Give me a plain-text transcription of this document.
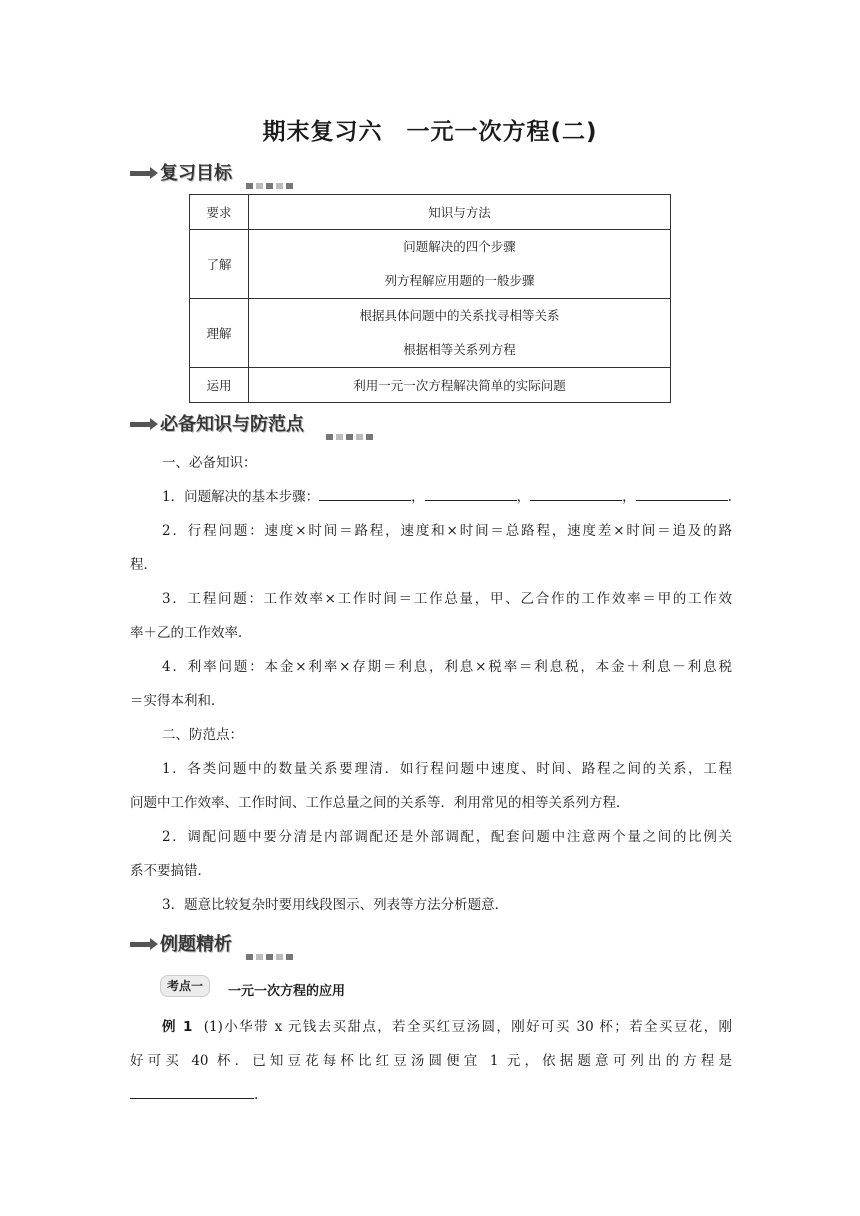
期末复习六　一元一次方程(二)
复习目标
要求	知识与方法
了解	问题解决的四个步骤
列方程解应用题的一般步骤

理解	根据具体问题中的关系找寻相等关系
根据相等关系列方程

运用	利用一元一次方程解决简单的实际问题
必备知识与防范点
一、必备知识：
1．问题解决的基本步骤：	，	，	，	.
2．行程问题：速度×时间＝路程，速度和×时间＝总路程，速度差×时间＝追及的路
程．
3．工程问题：工作效率×工作时间＝工作总量，甲、乙合作的工作效率＝甲的工作效
率＋乙的工作效率．
4．利率问题：本金×利率×存期＝利息，利息×税率＝利息税，本金＋利息－利息税
＝实得本利和．
二、防范点：
1．各类问题中的数量关系要理清．如行程问题中速度、时间、路程之间的关系，工程
问题中工作效率、工作时间、工作总量之间的关系等．利用常见的相等关系列方程．
2．调配问题中要分清是内部调配还是外部调配，配套问题中注意两个量之间的比例关
系不要搞错．
3．题意比较复杂时要用线段图示、列表等方法分析题意．
例题精析
考点一	一元一次方程的应用
例 1 (1)小华带 x 元钱去买甜点，若全买红豆汤圆，刚好可买 30 杯；若全买豆花，刚
好可买 40 杯．已知豆花每杯比红豆汤圆便宜 1 元，依据题意可列出的方程是
.
